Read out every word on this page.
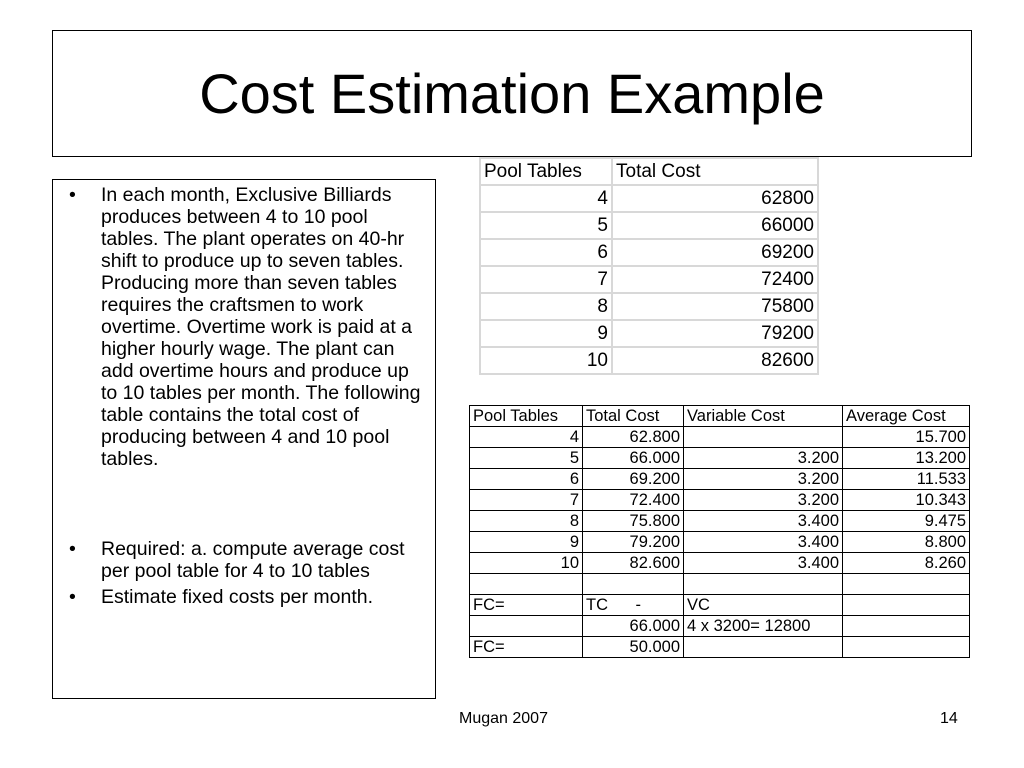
Cost Estimation Example
• In each month, Exclusive Billiards produces between 4 to 10 pool tables. The plant operates on 40-hr shift to produce up to seven tables. Producing more than seven tables requires the craftsmen to work overtime. Overtime work is paid at a higher hourly wage. The plant can add overtime hours and produce up to 10 tables per month. The following table contains the total cost of producing between 4 and 10 pool tables.
• Required: a. compute average cost per pool table for 4 to 10 tables
• Estimate fixed costs per month.
Pool Tables	Total Cost
4	62800
5	66000
6	69200
7	72400
8	75800
9	79200
10	82600
Pool Tables	Total Cost	Variable Cost	Average Cost
4	62.800		15.700
5	66.000	3.200	13.200
6	69.200	3.200	11.533
7	72.400	3.200	10.343
8	75.800	3.400	9.475
9	79.200	3.400	8.800
10	82.600	3.400	8.260

FC=	TC      -	VC	
	66.000	4 x 3200= 12800	
FC=	50.000		
Mugan 2007	14
